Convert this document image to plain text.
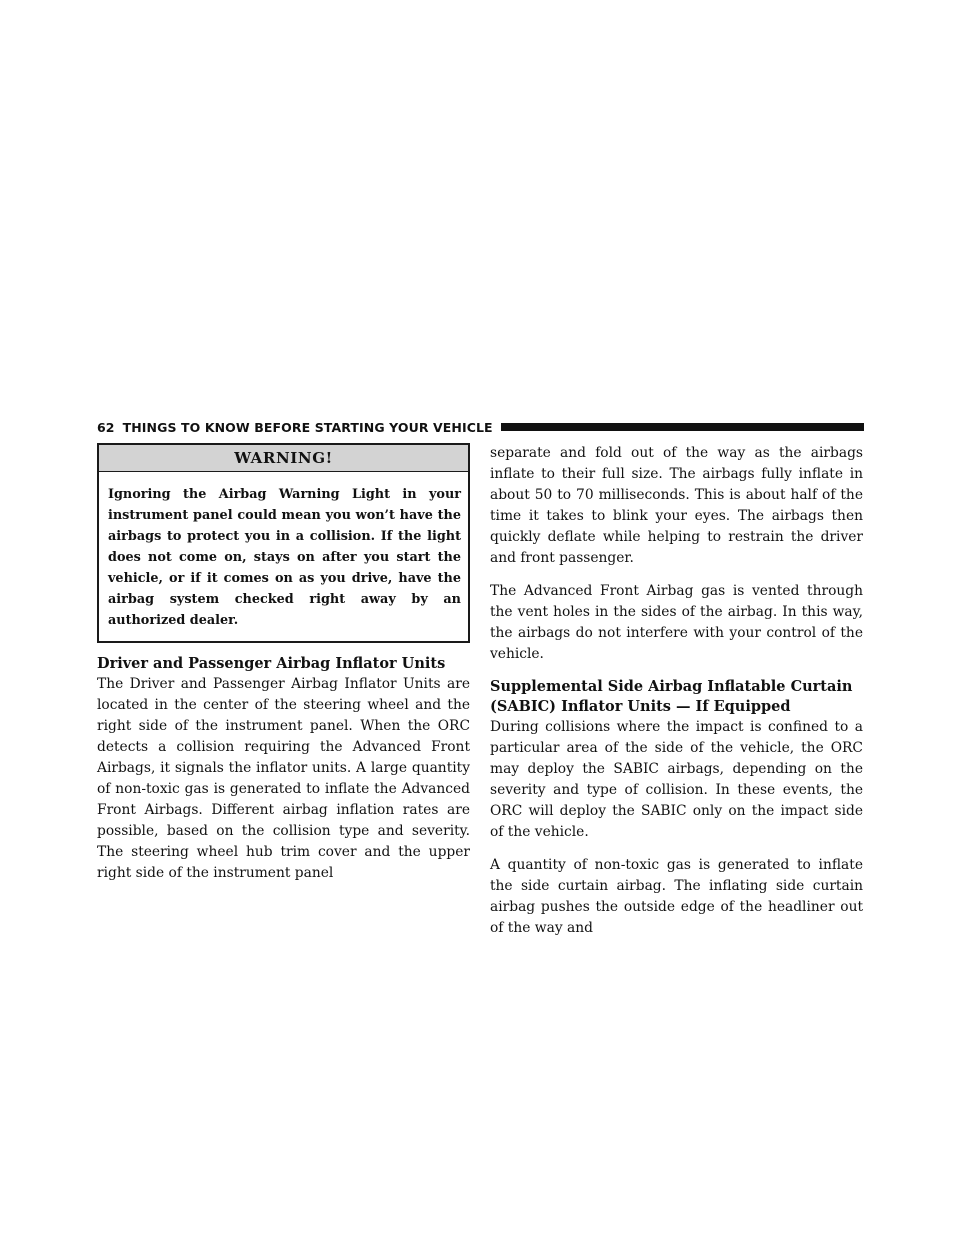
62 THINGS TO KNOW BEFORE STARTING YOUR VEHICLE
WARNING!
Ignoring the Airbag Warning Light in your instrument panel could mean you won’t have the airbags to protect you in a collision. If the light does not come on, stays on after you start the vehicle, or if it comes on as you drive, have the airbag system checked right away by an authorized dealer.
Driver and Passenger Airbag Inflator Units

The Driver and Passenger Airbag Inflator Units are located in the center of the steering wheel and the right side of the instrument panel. When the ORC detects a collision requiring the Advanced Front Airbags, it signals the inflator units. A large quantity of non-toxic gas is generated to inflate the Advanced Front Airbags. Different airbag inflation rates are possible, based on the collision type and severity. The steering wheel hub trim cover and the upper right side of the instrument panel

separate and fold out of the way as the airbags inflate to their full size. The airbags fully inflate in about 50 to 70 milliseconds. This is about half of the time it takes to blink your eyes. The airbags then quickly deflate while helping to restrain the driver and front passenger.

The Advanced Front Airbag gas is vented through the vent holes in the sides of the airbag. In this way, the airbags do not interfere with your control of the vehicle.

Supplemental Side Airbag Inflatable Curtain (SABIC) Inflator Units — If Equipped

During collisions where the impact is confined to a particular area of the side of the vehicle, the ORC may deploy the SABIC airbags, depending on the severity and type of collision. In these events, the ORC will deploy the SABIC only on the impact side of the vehicle.

A quantity of non-toxic gas is generated to inflate the side curtain airbag. The inflating side curtain airbag pushes the outside edge of the headliner out of the way and
